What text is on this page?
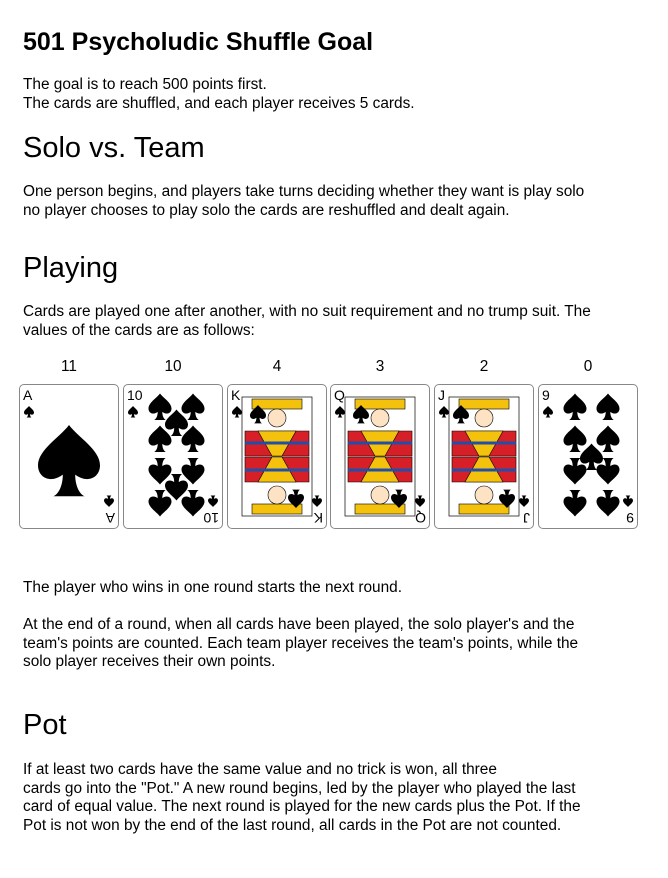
501 Psycholudic Shuffle Goal

The goal is to reach 500 points first.
The cards are shuffled, and each player receives 5 cards.

Solo vs. Team

One person begins, and players take turns deciding whether they want is play solo
no player chooses to play solo the cards are reshuffled and dealt again.

Playing

Cards are played one after another, with no suit requirement and no trump suit. The
values of the cards are as follows:

The player who wins in one round starts the next round.

At the end of a round, when all cards have been played, the solo player's and the
team's points are counted. Each team player receives the team's points, while the
solo player receives their own points.

Pot

If at least two cards have the same value and no trick is won, all three
cards go into the "Pot." A new round begins, led by the player who played the last
card of equal value. The next round is played for the new cards plus the Pot. If the
Pot is not won by the end of the last round, all cards in the Pot are not counted.

11
A
A
10
10
10
4
K
K
3
Q
Q
2
J
J
0
9
9
